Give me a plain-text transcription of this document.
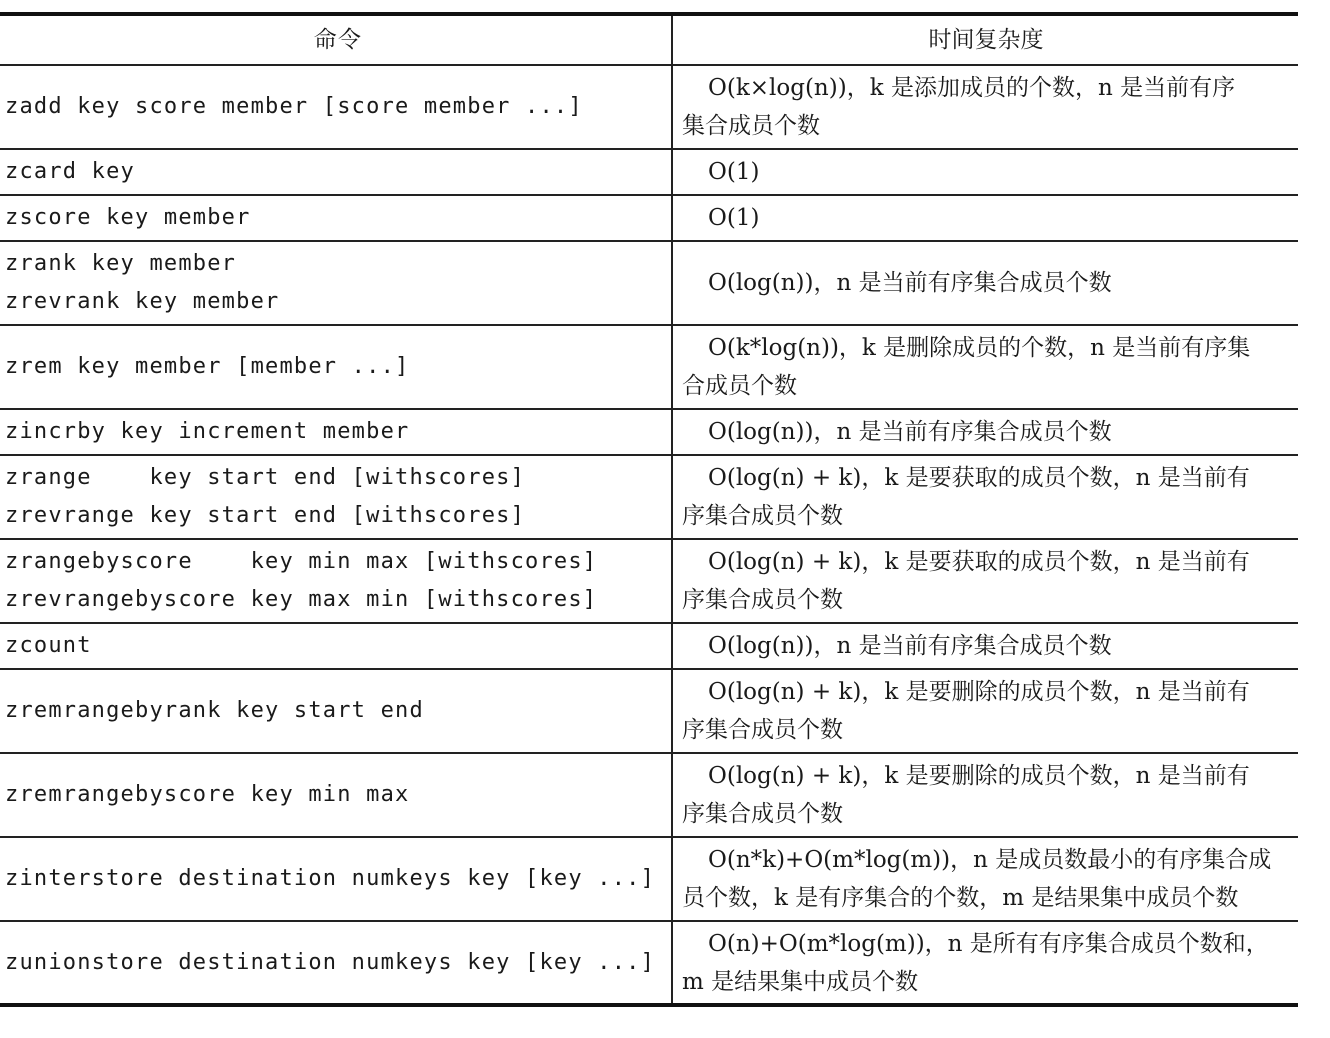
命令	时间复杂度

zadd key score member [score member ...]	O(k×log(n))，k 是添加成员的个数，n 是当前有序
集合成员个数

zcard key	O(1)

zscore key member	O(1)

zrank key member
zrevrank key member	O(log(n))，n 是当前有序集合成员个数

zrem key member [member ...]	O(k*log(n))，k 是删除成员的个数，n 是当前有序集
合成员个数

zincrby key increment member	O(log(n))，n 是当前有序集合成员个数

zrange    key start end [withscores]
zrevrange key start end [withscores]	O(log(n) + k)，k 是要获取的成员个数，n 是当前有
序集合成员个数

zrangebyscore    key min max [withscores]
zrevrangebyscore key max min [withscores]	O(log(n) + k)，k 是要获取的成员个数，n 是当前有
序集合成员个数

zcount	O(log(n))，n 是当前有序集合成员个数

zremrangebyrank key start end	O(log(n) + k)，k 是要删除的成员个数，n 是当前有
序集合成员个数

zremrangebyscore key min max	O(log(n) + k)，k 是要删除的成员个数，n 是当前有
序集合成员个数

zinterstore destination numkeys key [key ...]	O(n*k)+O(m*log(m))，n 是成员数最小的有序集合成
员个数，k 是有序集合的个数，m 是结果集中成员个数

zunionstore destination numkeys key [key ...]	O(n)+O(m*log(m))，n 是所有有序集合成员个数和，
m 是结果集中成员个数
